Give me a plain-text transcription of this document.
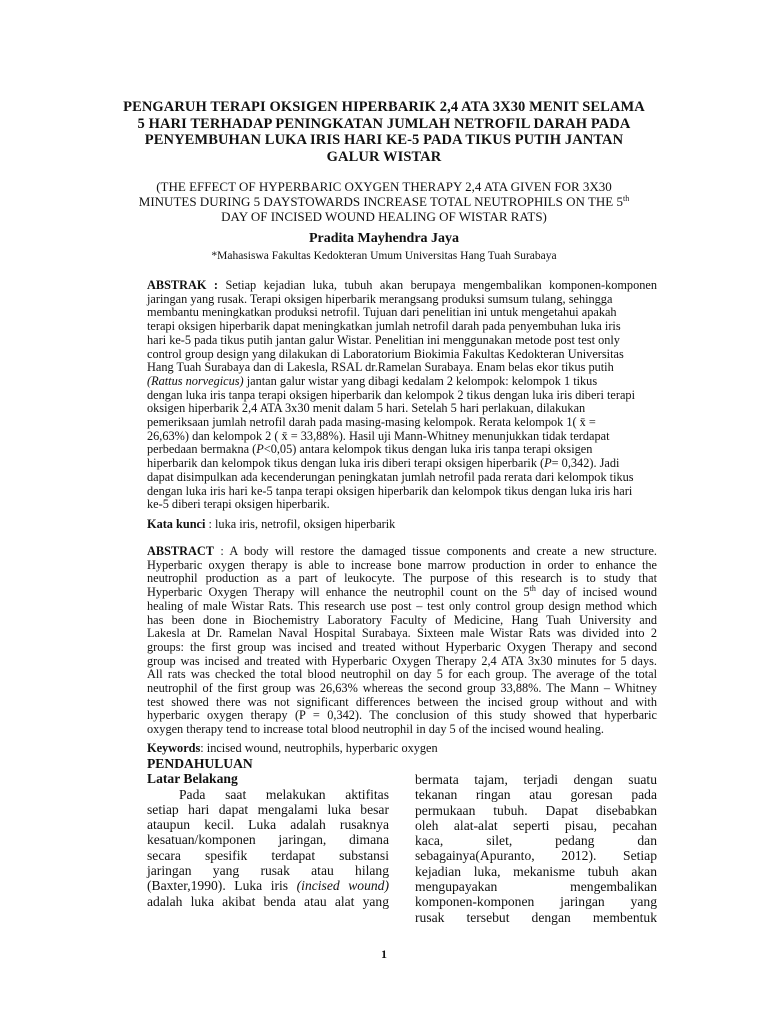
PENGARUH TERAPI OKSIGEN HIPERBARIK 2,4 ATA 3X30 MENIT SELAMA
5 HARI TERHADAP PENINGKATAN JUMLAH NETROFIL DARAH PADA
PENYEMBUHAN LUKA IRIS HARI KE-5 PADA TIKUS PUTIH JANTAN
GALUR WISTAR
(THE EFFECT OF HYPERBARIC OXYGEN THERAPY 2,4 ATA GIVEN FOR 3X30
MINUTES DURING 5 DAYSTOWARDS INCREASE TOTAL NEUTROPHILS ON THE 5th
DAY OF INCISED WOUND HEALING OF WISTAR RATS)
Pradita Mayhendra Jaya
*Mahasiswa Fakultas Kedokteran Umum Universitas Hang Tuah Surabaya
ABSTRAK : Setiap kejadian luka, tubuh akan berupaya mengembalikan komponen-komponen
jaringan yang rusak. Terapi oksigen hiperbarik merangsang produksi sumsum tulang, sehingga
membantu meningkatkan produksi netrofil. Tujuan dari penelitian ini untuk mengetahui apakah
terapi oksigen hiperbarik dapat meningkatkan jumlah netrofil darah pada penyembuhan luka iris
hari ke-5 pada tikus putih jantan galur Wistar. Penelitian ini menggunakan metode post test only
control group design yang dilakukan di Laboratorium Biokimia Fakultas Kedokteran Universitas
Hang Tuah Surabaya dan di Lakesla, RSAL dr.Ramelan Surabaya. Enam belas ekor tikus putih
(Rattus norvegicus) jantan galur wistar yang dibagi kedalam 2 kelompok: kelompok 1 tikus
dengan luka iris tanpa terapi oksigen hiperbarik dan kelompok 2 tikus dengan luka iris diberi terapi
oksigen hiperbarik 2,4 ATA 3x30 menit dalam 5 hari. Setelah 5 hari perlakuan, dilakukan
pemeriksaan jumlah netrofil darah pada masing-masing kelompok. Rerata kelompok 1( x̄ =
26,63%) dan kelompok 2 ( x̄ = 33,88%). Hasil uji Mann-Whitney menunjukkan tidak terdapat
perbedaan bermakna (P<0,05) antara kelompok tikus dengan luka iris tanpa terapi oksigen
hiperbarik dan kelompok tikus dengan luka iris diberi terapi oksigen hiperbarik (P= 0,342). Jadi
dapat disimpulkan ada kecenderungan peningkatan jumlah netrofil pada rerata dari kelompok tikus
dengan luka iris hari ke-5 tanpa terapi oksigen hiperbarik dan kelompok tikus dengan luka iris hari
ke-5 diberi terapi oksigen hiperbarik.
Kata kunci : luka iris, netrofil, oksigen hiperbarik
ABSTRACT : A body will restore the damaged tissue components and create a new structure.
Hyperbaric oxygen therapy is able to increase bone marrow production in order to enhance the
neutrophil production as a part of leukocyte. The purpose of this research is to study that
Hyperbaric Oxygen Therapy will enhance the neutrophil count on the 5th day of incised wound
healing of male Wistar Rats. This research use post – test only control group design method which
has been done in Biochemistry Laboratory Faculty of Medicine, Hang Tuah University and
Lakesla at Dr. Ramelan Naval Hospital Surabaya. Sixteen male Wistar Rats was divided into 2
groups: the first group was incised and treated without Hyperbaric Oxygen Therapy and second
group was incised and treated with Hyperbaric Oxygen Therapy 2,4 ATA 3x30 minutes for 5 days.
All rats was checked the total blood neutrophil on day 5 for each group. The average of the total
neutrophil of the first group was 26,63% whereas the second group 33,88%. The Mann – Whitney
test showed there was not significant differences between the incised group without and with
hyperbaric oxygen therapy (P = 0,342). The conclusion of this study showed that hyperbaric
oxygen therapy tend to increase total blood neutrophil in day 5 of the incised wound healing.
Keywords: incised wound, neutrophils, hyperbaric oxygen
PENDAHULUAN
Latar Belakang
Pada saat melakukan aktifitas
setiap hari dapat mengalami luka besar
ataupun kecil. Luka adalah rusaknya
kesatuan/komponen jaringan, dimana
secara spesifik terdapat substansi
jaringan yang rusak atau hilang
(Baxter,1990). Luka iris (incised wound)
adalah luka akibat benda atau alat yang
bermata tajam, terjadi dengan suatu
tekanan ringan atau goresan pada
permukaan tubuh. Dapat disebabkan
oleh alat-alat seperti pisau, pecahan
kaca, silet, pedang dan
sebagainya(Apuranto, 2012). Setiap
kejadian luka, mekanisme tubuh akan
mengupayakan mengembalikan
komponen-komponen jaringan yang
rusak tersebut dengan membentuk
1
